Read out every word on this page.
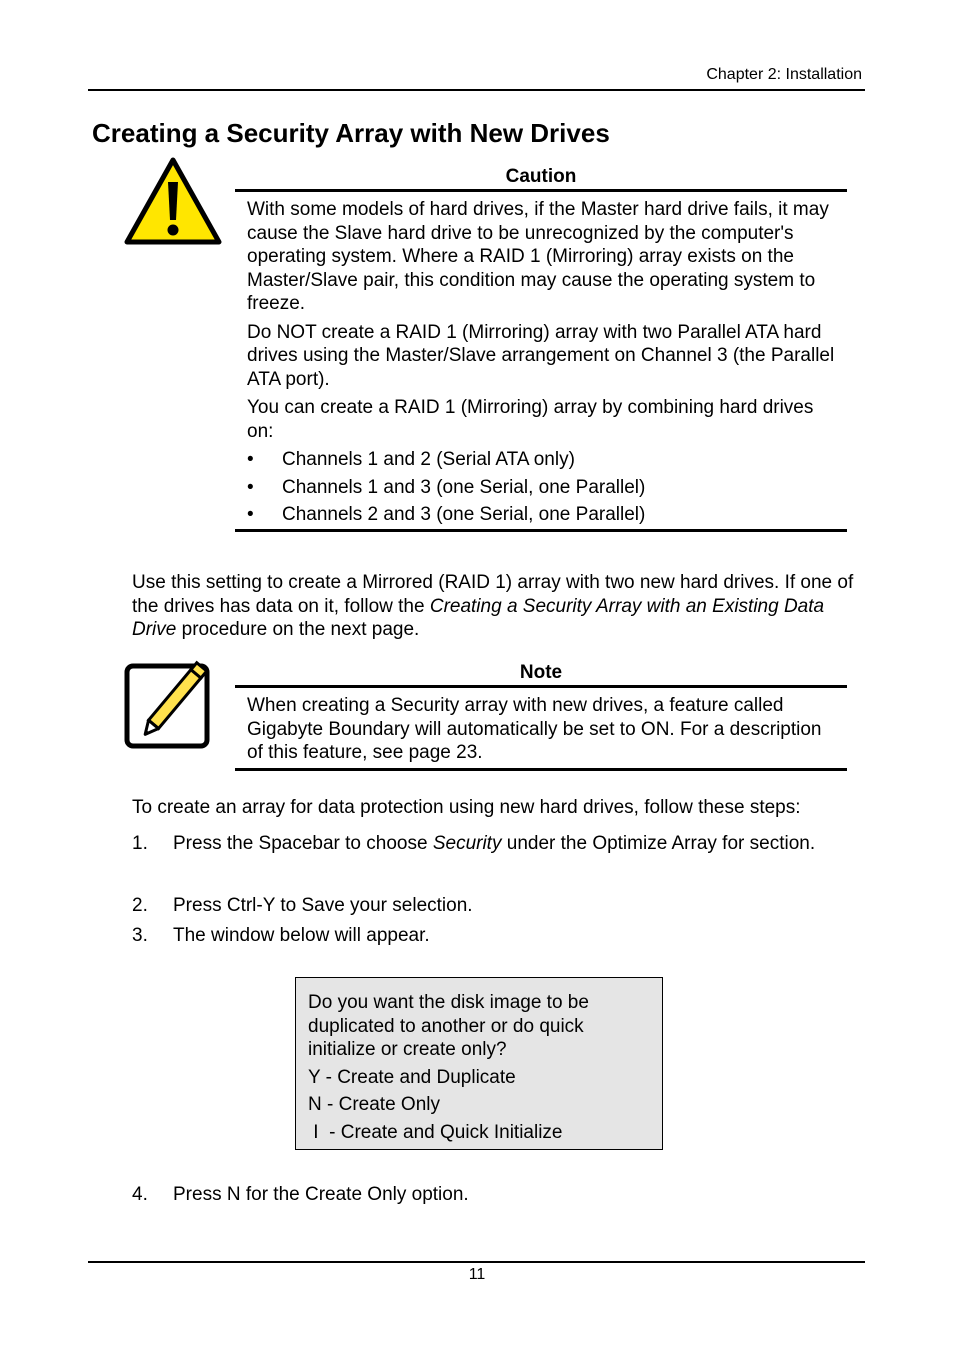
Chapter 2: Installation
Creating a Security Array with New Drives
Caution

With some models of hard drives, if the Master hard drive fails, it may cause the Slave hard drive to be unrecognized by the computer's operating system. Where a RAID 1 (Mirroring) array exists on the Master/Slave pair, this condition may cause the operating system to freeze.

Do NOT create a RAID 1 (Mirroring) array with two Parallel ATA hard drives using the Master/Slave arrangement on Channel 3 (the Parallel ATA port).

You can create a RAID 1 (Mirroring) array by combining hard drives on:

• Channels 1 and 2 (Serial ATA only)
• Channels 1 and 3 (one Serial, one Parallel)
• Channels 2 and 3 (one Serial, one Parallel)
Use this setting to create a Mirrored (RAID 1) array with two new hard drives. If one of the drives has data on it, follow the Creating a Security Array with an Existing Data Drive procedure on the next page.
Note
When creating a Security array with new drives, a feature called Gigabyte Boundary will automatically be set to ON. For a description of this feature, see page 23.
To create an array for data protection using new hard drives, follow these steps:
1. Press the Spacebar to choose Security under the Optimize Array for section.
2. Press Ctrl-Y to Save your selection.
3. The window below will appear.

Do you want the disk image to be duplicated to another or do quick initialize or create only?

Y - Create and Duplicate

N - Create Only

I  - Create and Quick Initialize

4. Press N for the Create Only option.
11
